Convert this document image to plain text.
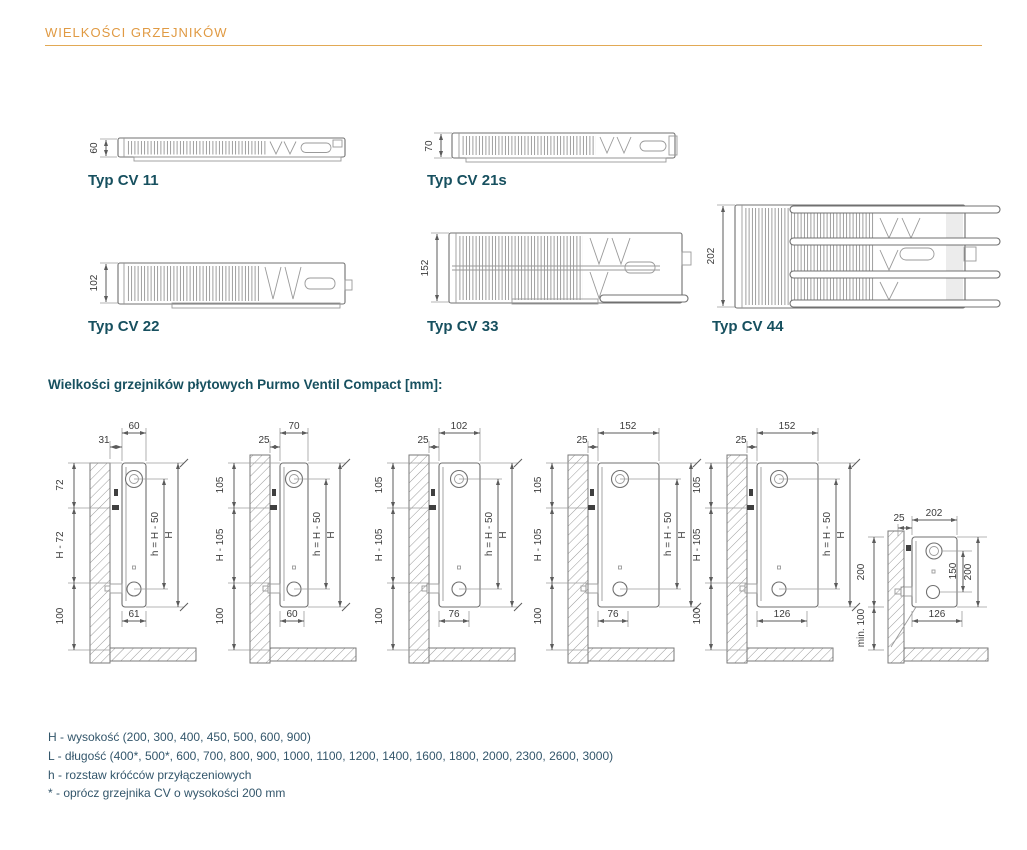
WIELKOŚCI GRZEJNIKÓW
60	70
102
152
202
72
H - 72
100
60
31
h = H - 50 H
61
105
H - 105
100
70
25
h = H - 50 H
60
105
H - 105
100
102
25
h = H - 50 H
76
105
H - 105
100
152
25
h = H - 50 H
76
105
H - 105
100
152
25
h = H - 50 H
126
200
min. 100
202
25
150 200
126
Typ CV 11	Typ CV 21s
Typ CV 22	Typ CV 33	Typ CV 44
Wielkości grzejników płytowych Purmo Ventil Compact [mm]:
H - wysokość (200, 300, 400, 450, 500, 600, 900)
L - długość (400*, 500*, 600, 700, 800, 900, 1000, 1100, 1200, 1400, 1600, 1800, 2000, 2300, 2600, 3000)
h - rozstaw króćców przyłączeniowych
* - oprócz grzejnika CV o wysokości 200 mm
